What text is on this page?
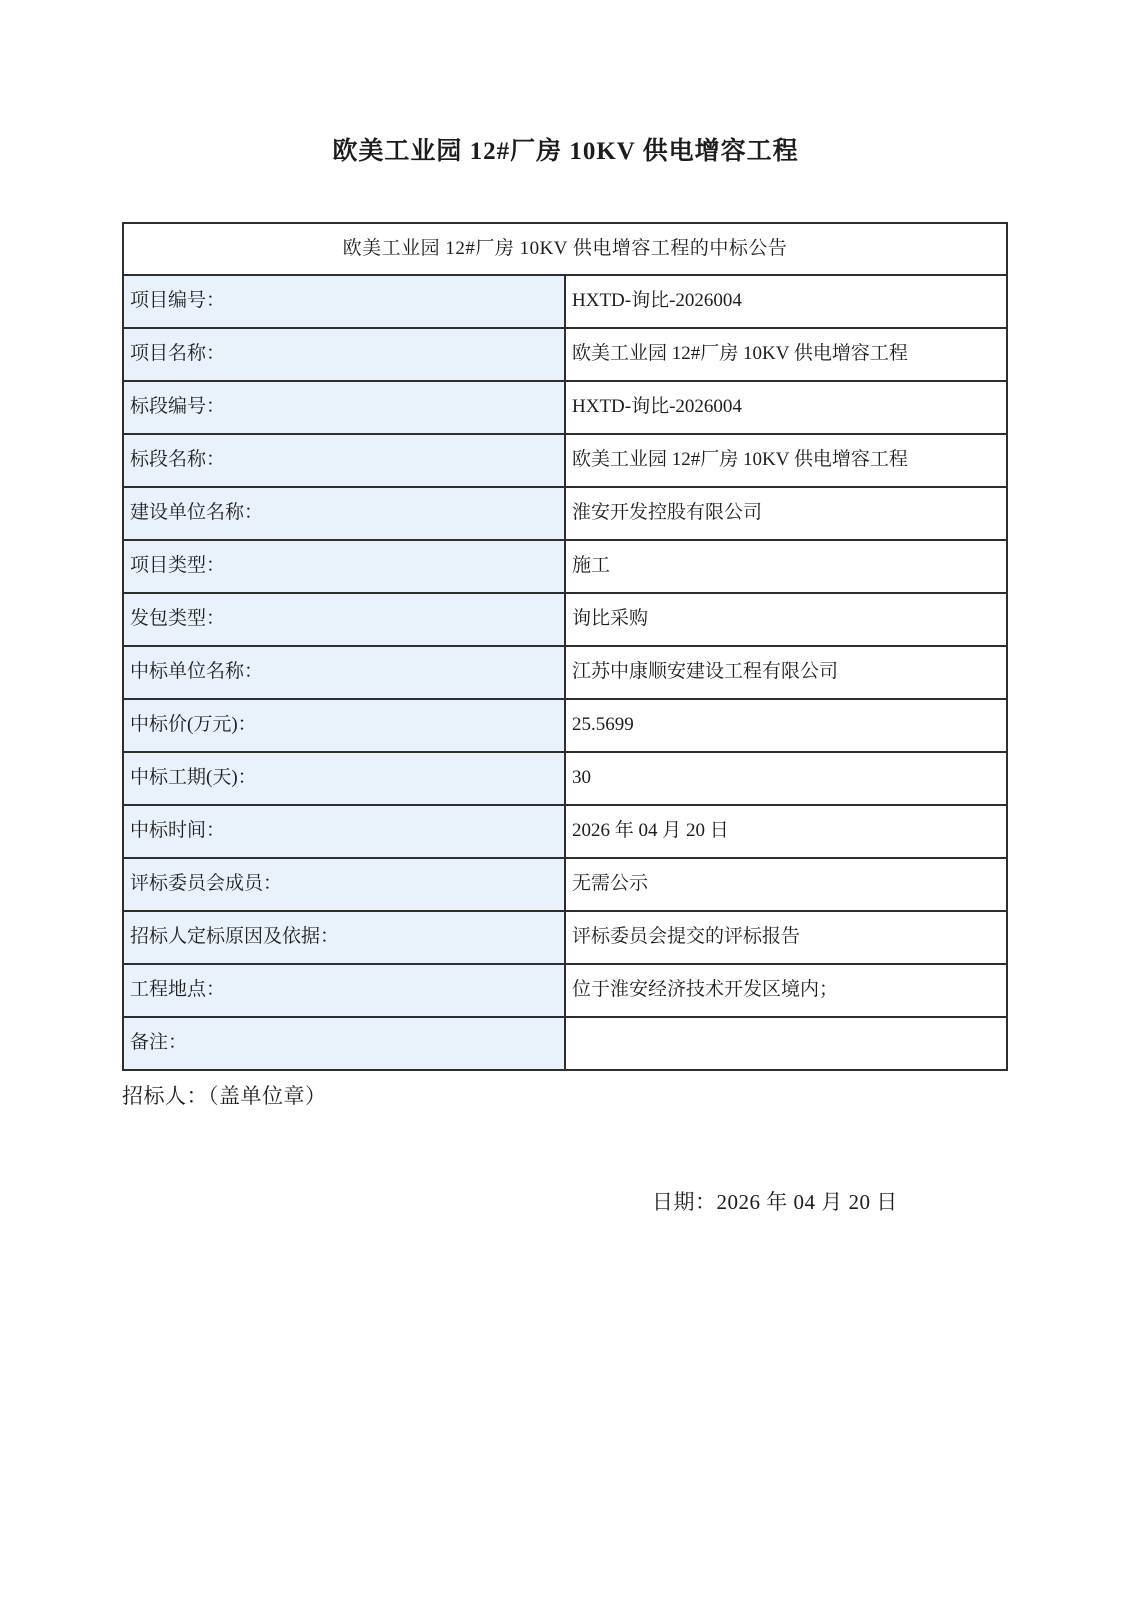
欧美工业园 12#厂房 10KV 供电增容工程
欧美工业园 12#厂房 10KV 供电增容工程的中标公告	
项目编号：	HXTD-询比-2026004
项目名称：	欧美工业园 12#厂房 10KV 供电增容工程
标段编号：	HXTD-询比-2026004
标段名称：	欧美工业园 12#厂房 10KV 供电增容工程
建设单位名称：	淮安开发控股有限公司
项目类型：	施工
发包类型：	询比采购
中标单位名称：	江苏中康顺安建设工程有限公司
中标价(万元)：	25.5699
中标工期(天)：	30
中标时间：	2026 年 04 月 20 日
评标委员会成员：	无需公示
招标人定标原因及依据：	评标委员会提交的评标报告
工程地点：	位于淮安经济技术开发区境内；
备注：	
招标人：（盖单位章）
日期：2026 年 04 月 20 日
